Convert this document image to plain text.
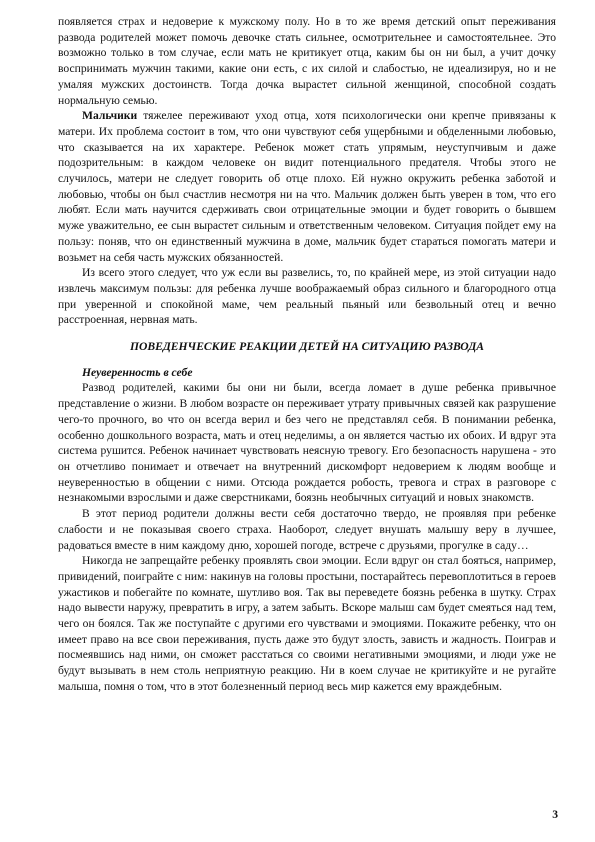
появляется страх и недоверие к мужскому полу. Но в то же время детский опыт переживания развода родителей может помочь девочке стать сильнее, осмотрительнее и самостоятельнее. Это возможно только в том случае, если мать не критикует отца, каким бы он ни был, а учит дочку воспринимать мужчин такими, какие они есть, с их силой и слабостью, не идеализируя, но и не умаляя мужских достоинств. Тогда дочка вырастет сильной женщиной, способной создать нормальную семью.

Мальчики тяжелее переживают уход отца, хотя психологически они крепче привязаны к матери. Их проблема состоит в том, что они чувствуют себя ущербными и обделенными любовью, что сказывается на их характере. Ребенок может стать упрямым, неуступчивым и даже подозрительным: в каждом человеке он видит потенциального предателя. Чтобы этого не случилось, матери не следует говорить об отце плохо. Ей нужно окружить ребенка заботой и любовью, чтобы он был счастлив несмотря ни на что. Мальчик должен быть уверен в том, что его любят. Если мать научится сдерживать свои отрицательные эмоции и будет говорить о бывшем муже уважительно, ее сын вырастет сильным и ответственным человеком. Ситуация пойдет ему на пользу: поняв, что он единственный мужчина в доме, мальчик будет стараться помогать матери и возьмет на себя часть мужских обязанностей.

Из всего этого следует, что уж если вы развелись, то, по крайней мере, из этой ситуации надо извлечь максимум пользы: для ребенка лучше воображаемый образ сильного и благородного отца при уверенной и спокойной маме, чем реальный пьяный или безвольный отец и вечно расстроенная, нервная мать.

ПОВЕДЕНЧЕСКИЕ РЕАКЦИИ ДЕТЕЙ НА СИТУАЦИЮ РАЗВОДА
Неуверенность в себе

Развод родителей, какими бы они ни были, всегда ломает в душе ребенка привычное представление о жизни. В любом возрасте он переживает утрату привычных связей как разрушение чего-то прочного, во что он всегда верил и без чего не представлял себя. В понимании ребенка, особенно дошкольного возраста, мать и отец неделимы, а он является частью их обоих. И вдруг эта система рушится. Ребенок начинает чувствовать неясную тревогу. Его безопасность нарушена - это он отчетливо понимает и отвечает на внутренний дискомфорт недоверием к людям вообще и неуверенностью в общении с ними. Отсюда рождается робость, тревога и страх в разговоре с незнакомыми взрослыми и даже сверстниками, боязнь необычных ситуаций и новых знакомств.

В этот период родители должны вести себя достаточно твердо, не проявляя при ребенке слабости и не показывая своего страха. Наоборот, следует внушать малышу веру в лучшее, радоваться вместе в ним каждому дню, хорошей погоде, встрече с друзьями, прогулке в саду…

Никогда не запрещайте ребенку проявлять свои эмоции. Если вдруг он стал бояться, например, привидений, поиграйте с ним: накинув на головы простыни, постарайтесь перевоплотиться в героев ужастиков и побегайте по комнате, шутливо воя. Так вы переведете боязнь ребенка в шутку. Страх надо вывести наружу, превратить в игру, а затем забыть. Вскоре малыш сам будет смеяться над тем, чего он боялся. Так же поступайте с другими его чувствами и эмоциями. Покажите ребенку, что он имеет право на все свои переживания, пусть даже это будут злость, зависть и жадность. Поиграв и посмеявшись над ними, он сможет расстаться со своими негативными эмоциями, и люди уже не будут вызывать в нем столь неприятную реакцию. Ни в коем случае не критикуйте и не ругайте малыша, помня о том, что в этот болезненный период весь мир кажется ему враждебным.

3
